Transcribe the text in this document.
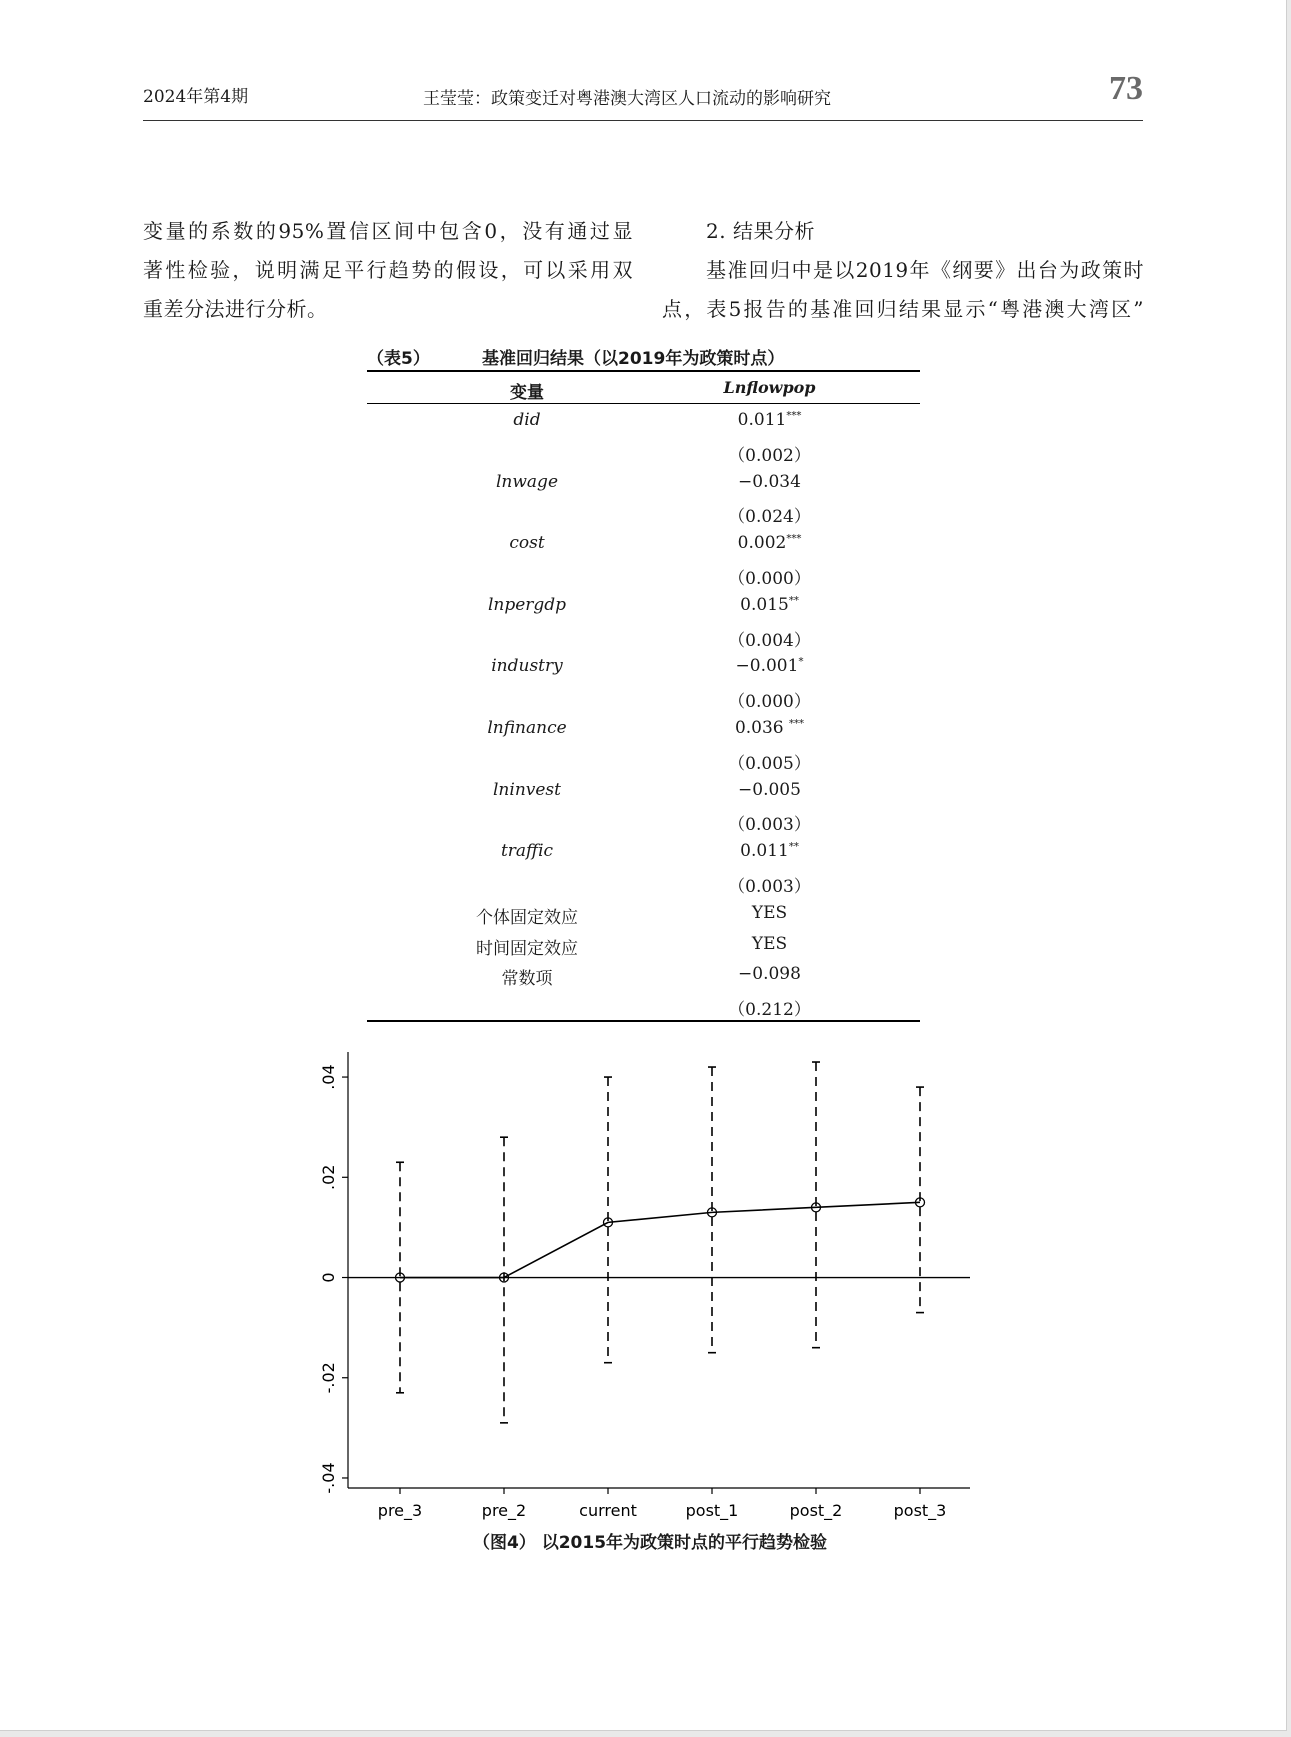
2024年第4期	王莹莹：政策变迁对粤港澳大湾区人口流动的影响研究	73

变量的系数的95%置信区间中包含0，没有通过显

著性检验，说明满足平行趋势的假设，可以采用双

重差分法进行分析。

2. 结果分析

基准回归中是以2019年《纲要》出台为政策时

点，表5报告的基准回归结果显示“粤港澳大湾区”

（表5）	基准回归结果（以2019年为政策时点）
变量	Lnflowpop
did	0.011***
（0.002）
lnwage	−0.034
（0.024）
cost	0.002***
（0.000）
lnpergdp	0.015**
（0.004）
industry	−0.001*
（0.000）
lnfinance	0.036 ***
（0.005）
lninvest	−0.005
（0.003）
traffic	0.011**
（0.003）
个体固定效应	YES
时间固定效应	YES
常数项	−0.098
（0.212）
.04
.02
0
-.02
-.04
pre_3	pre_2	current	post_1	post_2	post_3
（图4） 以2015年为政策时点的平行趋势检验
